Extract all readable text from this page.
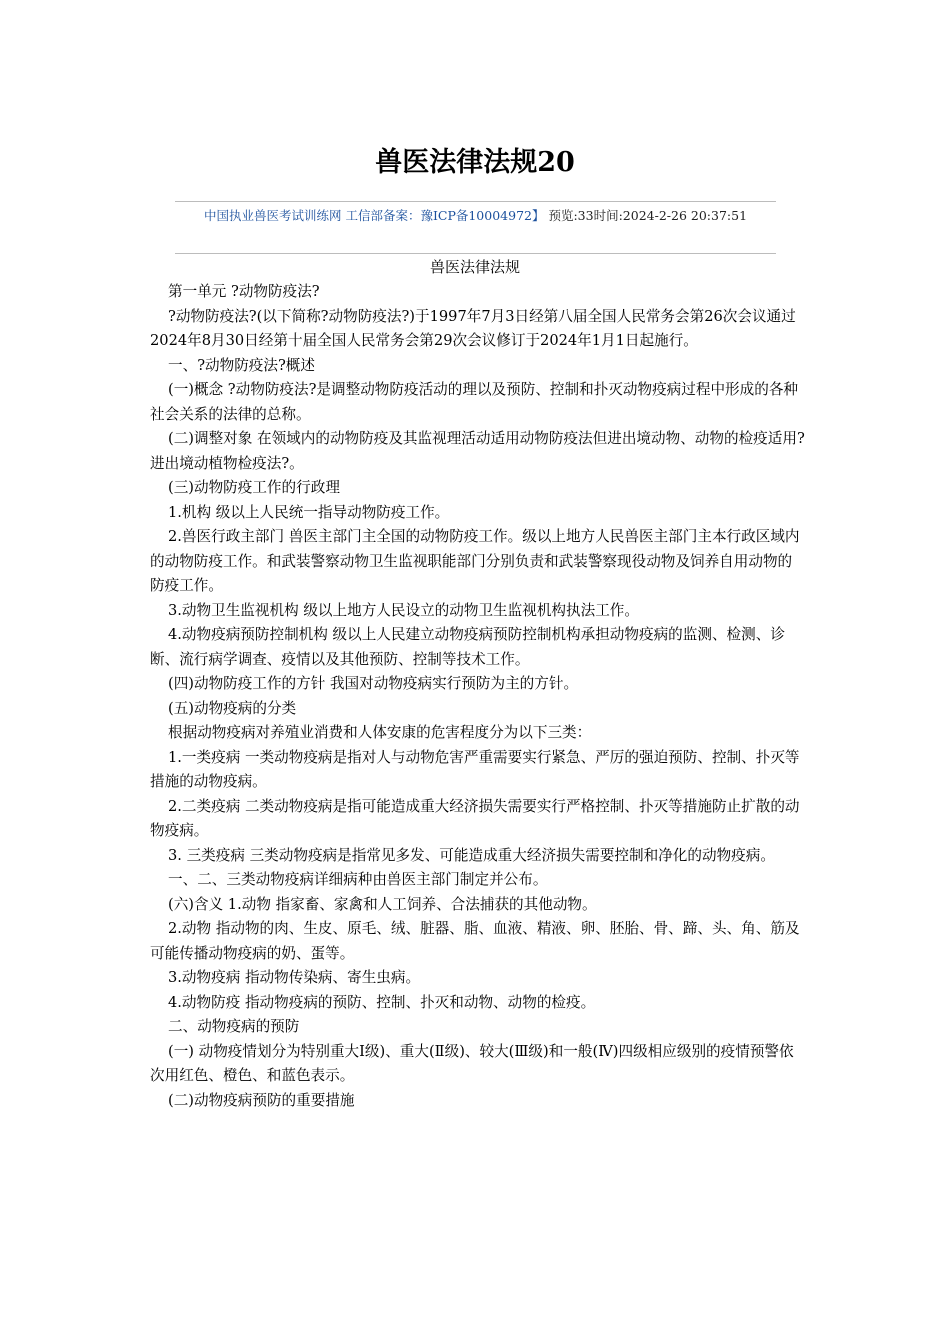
兽医法律法规20
中国执业兽医考试训练网 工信部备案：豫ICP备10004972】 预览:33时间:2024-2-26 20:37:51
兽医法律法规

第一单元 ?动物防疫法?

?动物防疫法?(以下简称?动物防疫法?)于1997年7月3日经第八届全国人民常务会第26次会议通过2024年8月30日经第十届全国人民常务会第29次会议修订于2024年1月1日起施行。

一、?动物防疫法?概述

(一)概念 ?动物防疫法?是调整动物防疫活动的理以及预防、控制和扑灭动物疫病过程中形成的各种社会关系的法律的总称。

(二)调整对象 在领域内的动物防疫及其监视理活动适用动物防疫法但进出境动物、动物的检疫适用?进出境动植物检疫法?。

(三)动物防疫工作的行政理

1.机构 级以上人民统一指导动物防疫工作。

2.兽医行政主部门 兽医主部门主全国的动物防疫工作。级以上地方人民兽医主部门主本行政区域内的动物防疫工作。和武装警察动物卫生监视职能部门分别负责和武装警察现役动物及饲养自用动物的防疫工作。

3.动物卫生监视机构 级以上地方人民设立的动物卫生监视机构执法工作。

4.动物疫病预防控制机构 级以上人民建立动物疫病预防控制机构承担动物疫病的监测、检测、诊断、流行病学调查、疫情以及其他预防、控制等技术工作。

(四)动物防疫工作的方针 我国对动物疫病实行预防为主的方针。

(五)动物疫病的分类

根据动物疫病对养殖业消费和人体安康的危害程度分为以下三类：

1.一类疫病 一类动物疫病是指对人与动物危害严重需要实行紧急、严厉的强迫预防、控制、扑灭等措施的动物疫病。

2.二类疫病 二类动物疫病是指可能造成重大经济损失需要实行严格控制、扑灭等措施防止扩散的动物疫病。

3. 三类疫病 三类动物疫病是指常见多发、可能造成重大经济损失需要控制和净化的动物疫病。

一、二、三类动物疫病详细病种由兽医主部门制定并公布。

(六)含义 1.动物 指家畜、家禽和人工饲养、合法捕获的其他动物。

2.动物 指动物的肉、生皮、原毛、绒、脏器、脂、血液、精液、卵、胚胎、骨、蹄、头、角、筋及可能传播动物疫病的奶、蛋等。

3.动物疫病 指动物传染病、寄生虫病。

4.动物防疫 指动物疫病的预防、控制、扑灭和动物、动物的检疫。

二、动物疫病的预防

(一) 动物疫情划分为特别重大Ⅰ级)、重大(Ⅱ级)、较大(Ⅲ级)和一般(Ⅳ)四级相应级别的疫情预警依次用红色、橙色、和蓝色表示。

(二)动物疫病预防的重要措施
